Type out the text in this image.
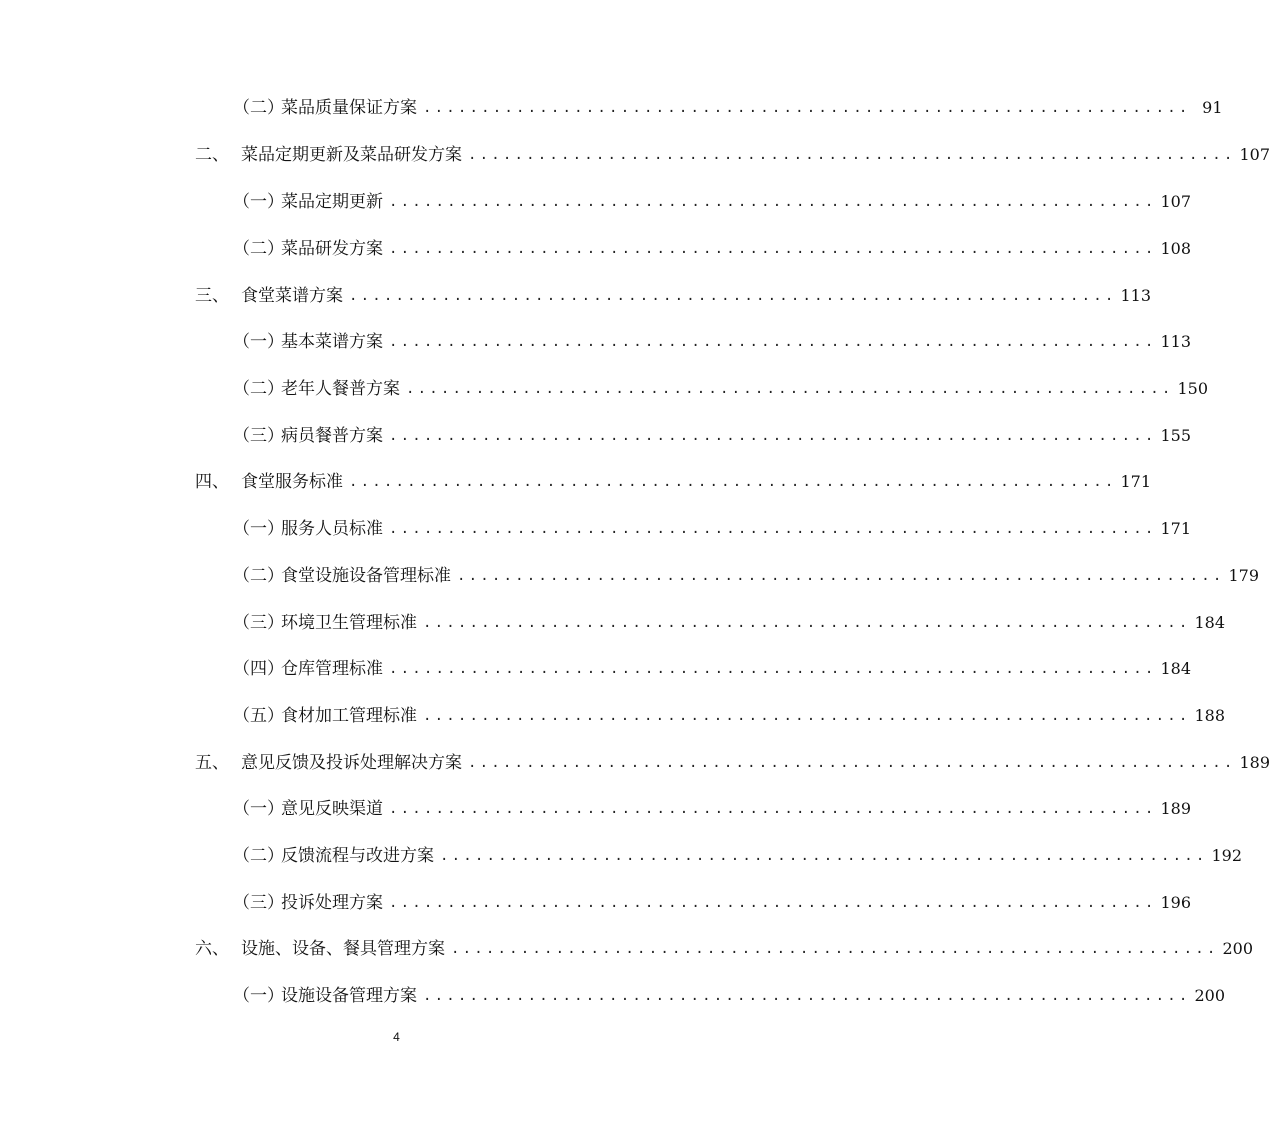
（二）
菜品质量保证方案 .................................................................. 91
二、 菜品定期更新及菜品研发方案 .................................................................. 107
（一）
菜品定期更新 .................................................................. 107
（二）
菜品研发方案 .................................................................. 108
三、 食堂菜谱方案 .................................................................. 113
（一）
基本菜谱方案 .................................................................. 113
（二）
老年人餐普方案 .................................................................. 150
（三）
病员餐普方案 .................................................................. 155
四、 食堂服务标准 .................................................................. 171
（一）
服务人员标准 .................................................................. 171
（二）
食堂设施设备管理标准 .................................................................. 179
（三）
环境卫生管理标准 .................................................................. 184
（四）
仓库管理标准 .................................................................. 184
（五）
食材加工管理标准 .................................................................. 188
五、 意见反馈及投诉处理解决方案 .................................................................. 189
（一）
意见反映渠道 .................................................................. 189
（二）
反馈流程与改进方案 .................................................................. 192
（三）
投诉处理方案 .................................................................. 196
六、 设施、设备、餐具管理方案 .................................................................. 200
（一）
设施设备管理方案 .................................................................. 200
4
